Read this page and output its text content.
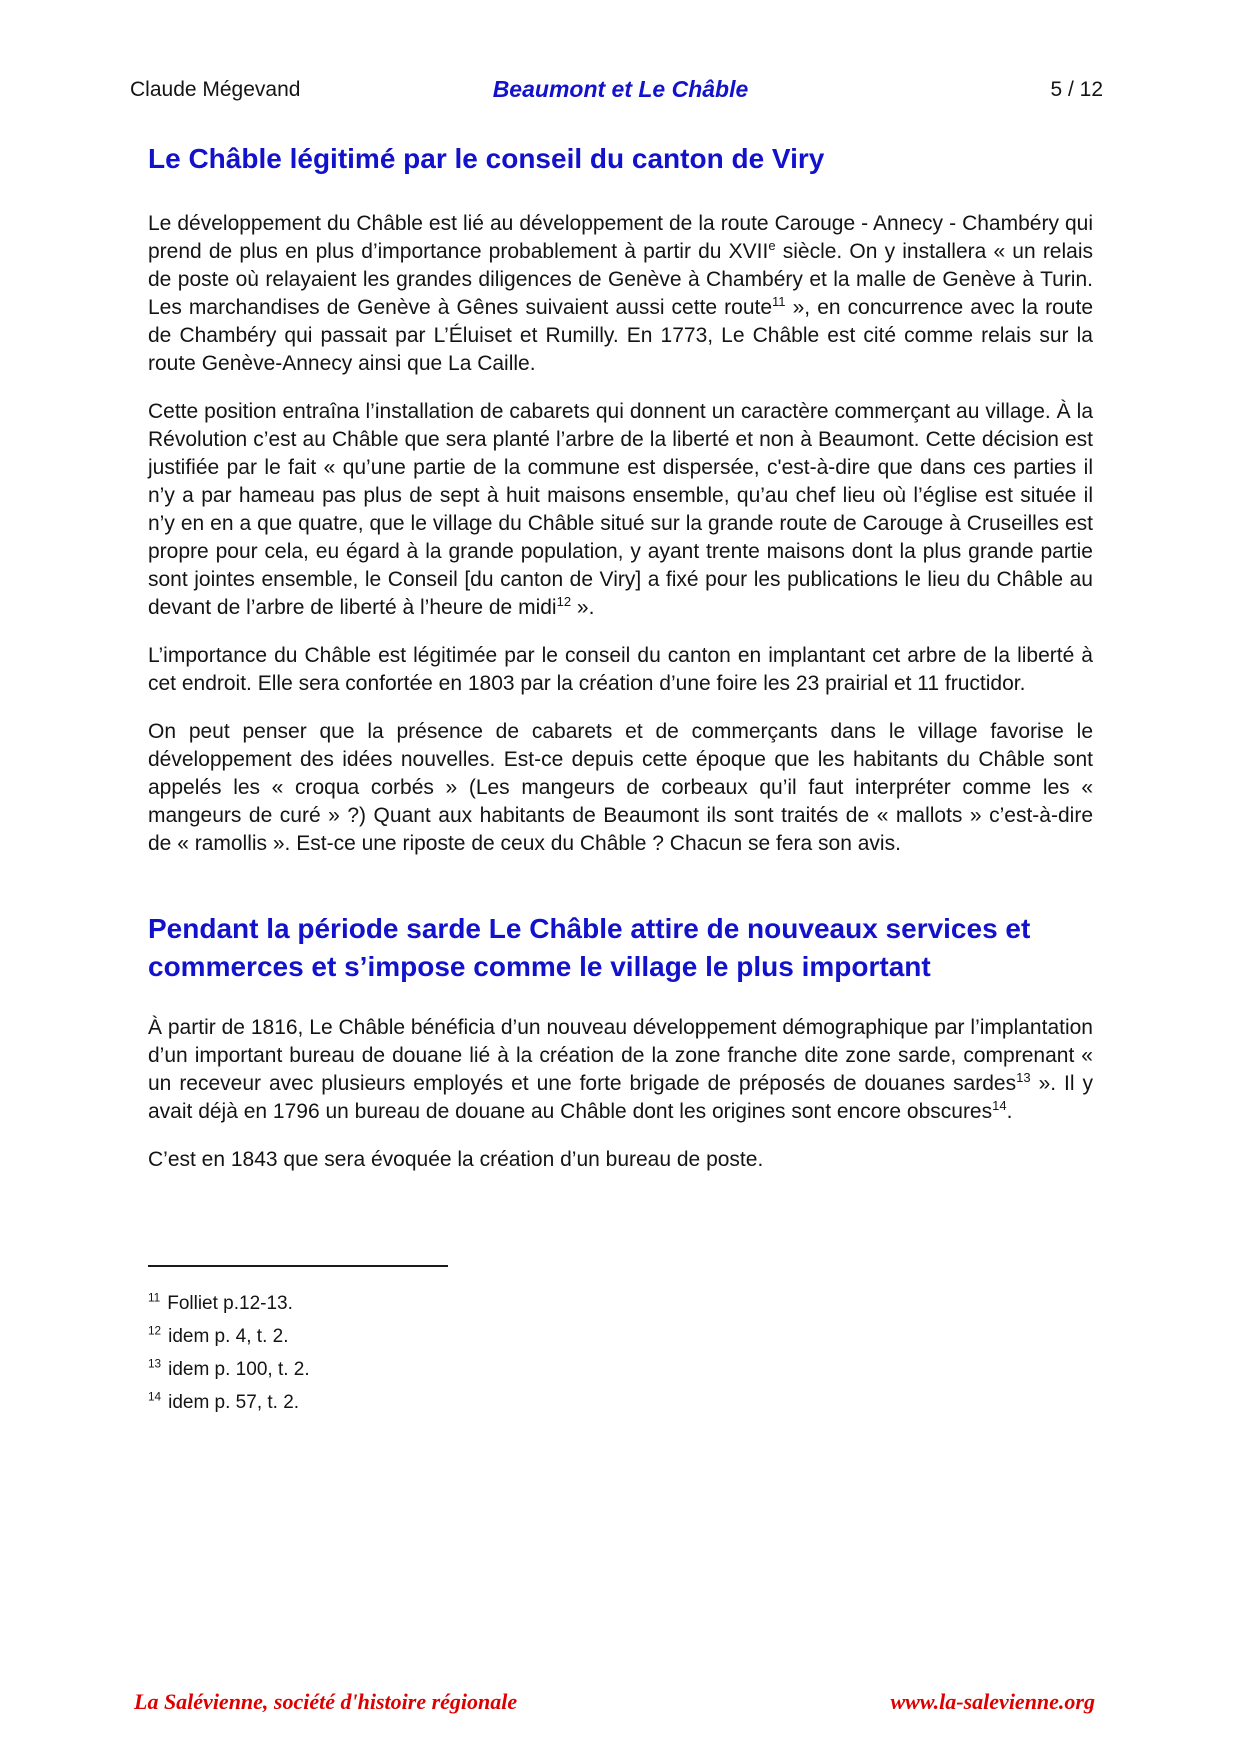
Claude Mégevand	Beaumont et Le Châble	5 / 12
Le Châble légitimé par le conseil du canton de Viry

Le développement du Châble est lié au développement de la route Carouge - Annecy - Chambéry qui prend de plus en plus d’importance probablement à partir du XVIIe siècle. On y installera « un relais de poste où relayaient les grandes diligences de Genève à Chambéry et la malle de Genève à Turin. Les marchandises de Genève à Gênes suivaient aussi cette route$^{11}$ », en concurrence avec la route de Chambéry qui passait par L’Éluiset et Rumilly. En 1773, Le Châble est cité comme relais sur la route Genève-Annecy ainsi que La Caille.

Cette position entraîna l’installation de cabarets qui donnent un caractère commerçant au village. À la Révolution c’est au Châble que sera planté l’arbre de la liberté et non à Beaumont. Cette décision est justifiée par le fait « qu’une partie de la commune est dispersée, c'est-à-dire que dans ces parties il n’y a par hameau pas plus de sept à huit maisons ensemble, qu’au chef lieu où l’église est située il n’y en en a que quatre, que le village du Châble situé sur la grande route de Carouge à Cruseilles est propre pour cela, eu égard à la grande population, y ayant trente maisons dont la plus grande partie sont jointes ensemble, le Conseil [du canton de Viry] a fixé pour les publications le lieu du Châble au devant de l’arbre de liberté à l’heure de midi$^{12}$ ».

L’importance du Châble est légitimée par le conseil du canton en implantant cet arbre de la liberté à cet endroit. Elle sera confortée en 1803 par la création d’une foire les 23 prairial et 11 fructidor.

On peut penser que la présence de cabarets et de commerçants dans le village favorise le développement des idées nouvelles. Est-ce depuis cette époque que les habitants du Châble sont appelés les « croqua corbés » (Les mangeurs de corbeaux qu’il faut interpréter comme les « mangeurs de curé » ?) Quant aux habitants de Beaumont ils sont traités de « mallots » c’est-à-dire de « ramollis ». Est-ce une riposte de ceux du Châble ? Chacun se fera son avis.

Pendant la période sarde Le Châble attire de nouveaux services et commerces et s’impose comme le village le plus important

À partir de 1816, Le Châble bénéficia d’un nouveau développement démographique par l’implantation d’un important bureau de douane lié à la création de la zone franche dite zone sarde, comprenant « un receveur avec plusieurs employés et une forte brigade de préposés de douanes sardes$^{13}$ ». Il y avait déjà en 1796 un bureau de douane au Châble dont les origines sont encore obscures$^{14}$.

C’est en 1843 que sera évoquée la création d’un bureau de poste.

$^{11}$ Folliet p.12-13.
$^{12}$ idem p. 4, t. 2.
$^{13}$ idem p. 100, t. 2.
$^{14}$ idem p. 57, t. 2.
La Salévienne, société d'histoire régionale	www.la-salevienne.org
